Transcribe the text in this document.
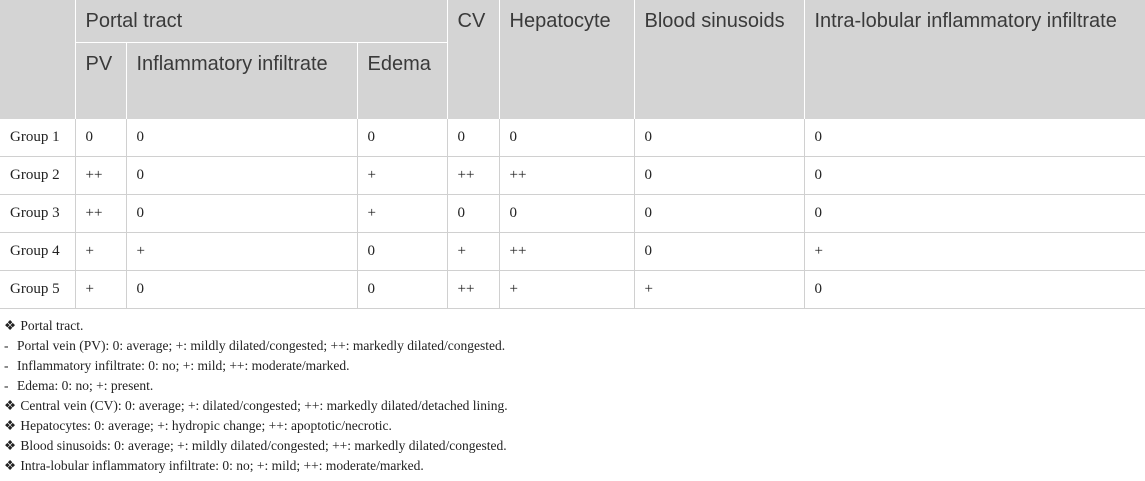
	Portal tract			CV	Hepatocyte	Blood sinusoids	Intra-lobular inflammatory infiltrate
	PV	Inflammatory infiltrate	Edema				
Group 1	0	0	0	0	0	0	0
Group 2	++	0	+	++	++	0	0
Group 3	++	0	+	0	0	0	0
Group 4	+	+	0	+	++	0	+
Group 5	+	0	0	++	+	+	0
❖ Portal tract.
- Portal vein (PV): 0: average; +: mildly dilated/congested; ++: markedly dilated/congested.
- Inflammatory infiltrate: 0: no; +: mild; ++: moderate/marked.
- Edema: 0: no; +: present.
❖ Central vein (CV): 0: average; +: dilated/congested; ++: markedly dilated/detached lining.
❖ Hepatocytes: 0: average; +: hydropic change; ++: apoptotic/necrotic.
❖ Blood sinusoids: 0: average; +: mildly dilated/congested; ++: markedly dilated/congested.
❖ Intra-lobular inflammatory infiltrate: 0: no; +: mild; ++: moderate/marked.
